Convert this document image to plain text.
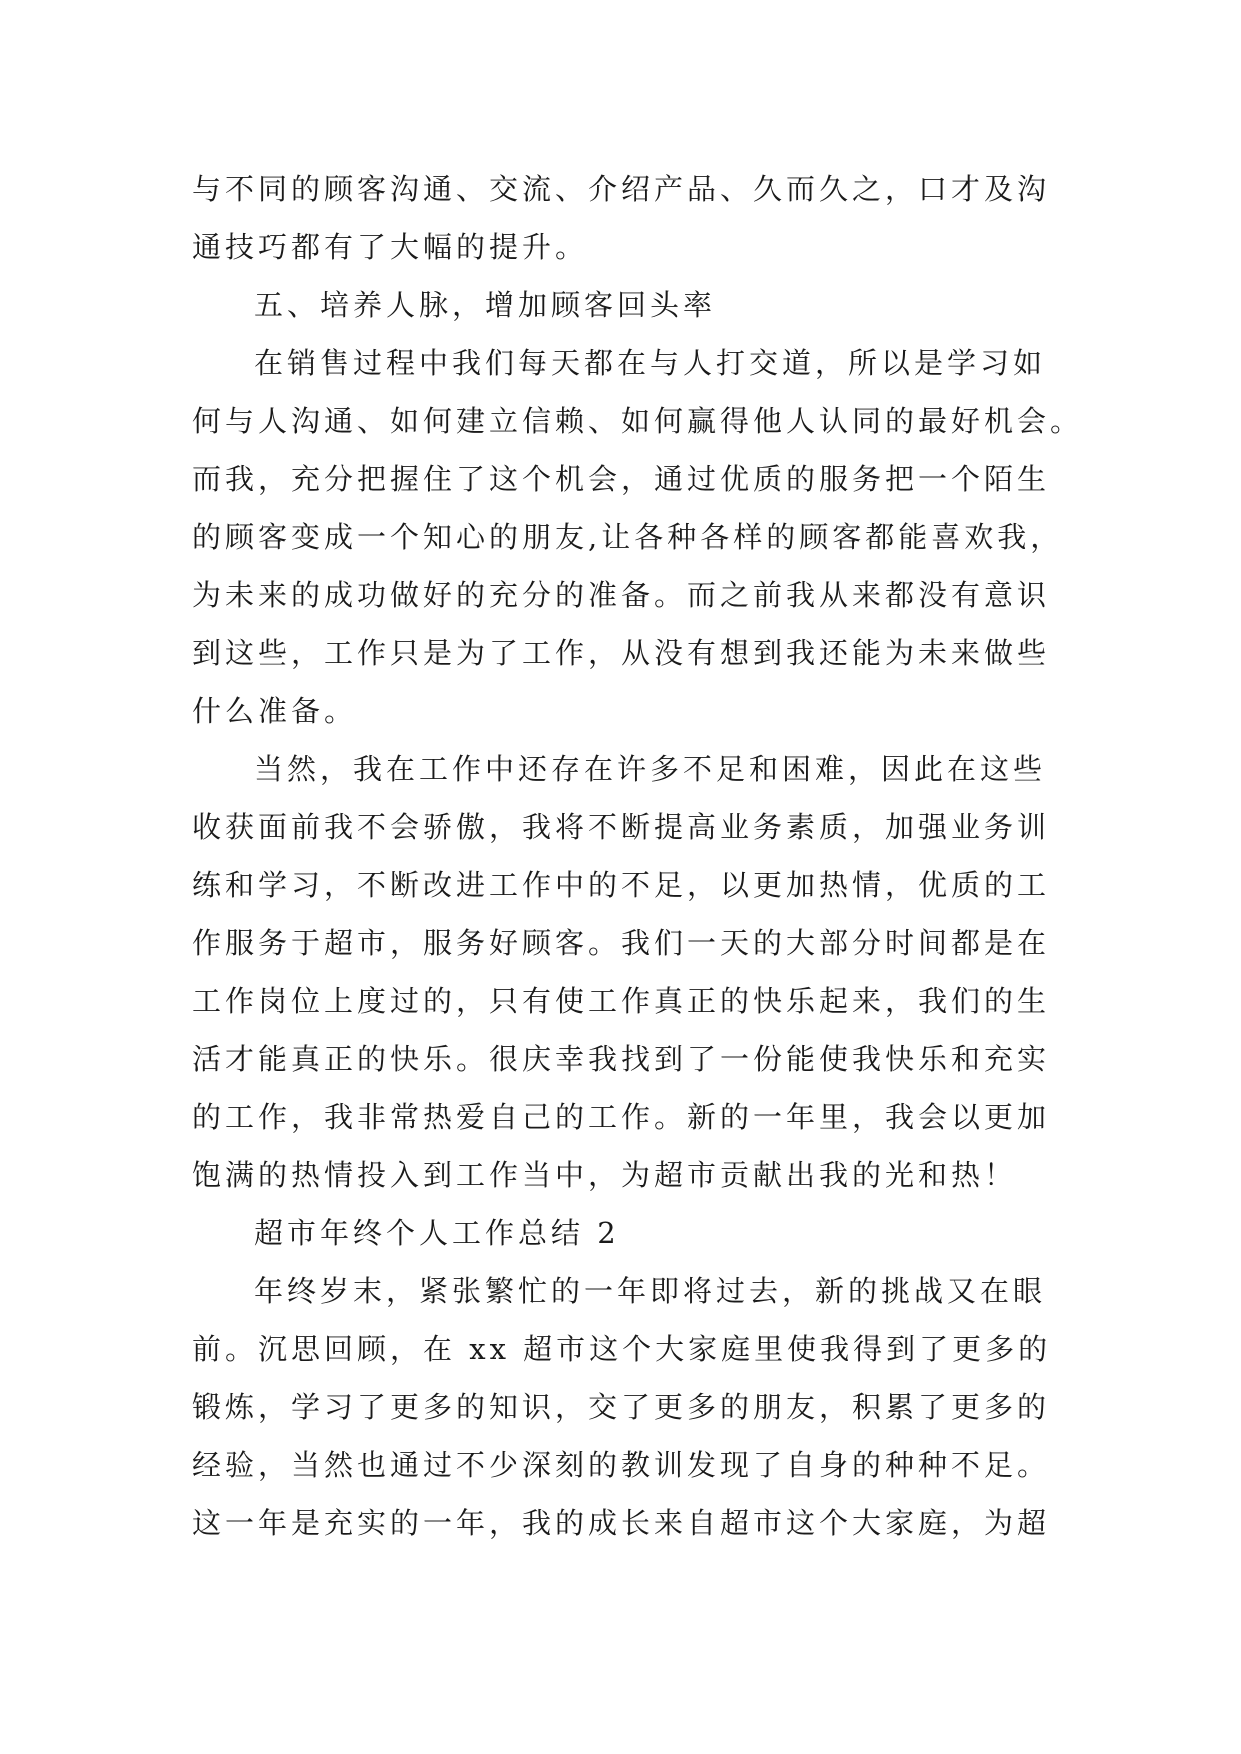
与不同的顾客沟通、交流、介绍产品、久而久之，口才及沟
通技巧都有了大幅的提升。
五、培养人脉，增加顾客回头率
在销售过程中我们每天都在与人打交道，所以是学习如
何与人沟通、如何建立信赖、如何赢得他人认同的最好机会。
而我，充分把握住了这个机会，通过优质的服务把一个陌生
的顾客变成一个知心的朋友,让各种各样的顾客都能喜欢我，
为未来的成功做好的充分的准备。而之前我从来都没有意识
到这些，工作只是为了工作，从没有想到我还能为未来做些
什么准备。
当然，我在工作中还存在许多不足和困难，因此在这些
收获面前我不会骄傲，我将不断提高业务素质，加强业务训
练和学习，不断改进工作中的不足，以更加热情，优质的工
作服务于超市，服务好顾客。我们一天的大部分时间都是在
工作岗位上度过的，只有使工作真正的快乐起来，我们的生
活才能真正的快乐。很庆幸我找到了一份能使我快乐和充实
的工作，我非常热爱自己的工作。新的一年里，我会以更加
饱满的热情投入到工作当中，为超市贡献出我的光和热！
超市年终个人工作总结 2
年终岁末，紧张繁忙的一年即将过去，新的挑战又在眼
前。沉思回顾，在 xx 超市这个大家庭里使我得到了更多的
锻炼，学习了更多的知识，交了更多的朋友，积累了更多的
经验，当然也通过不少深刻的教训发现了自身的种种不足。
这一年是充实的一年，我的成长来自超市这个大家庭，为超
